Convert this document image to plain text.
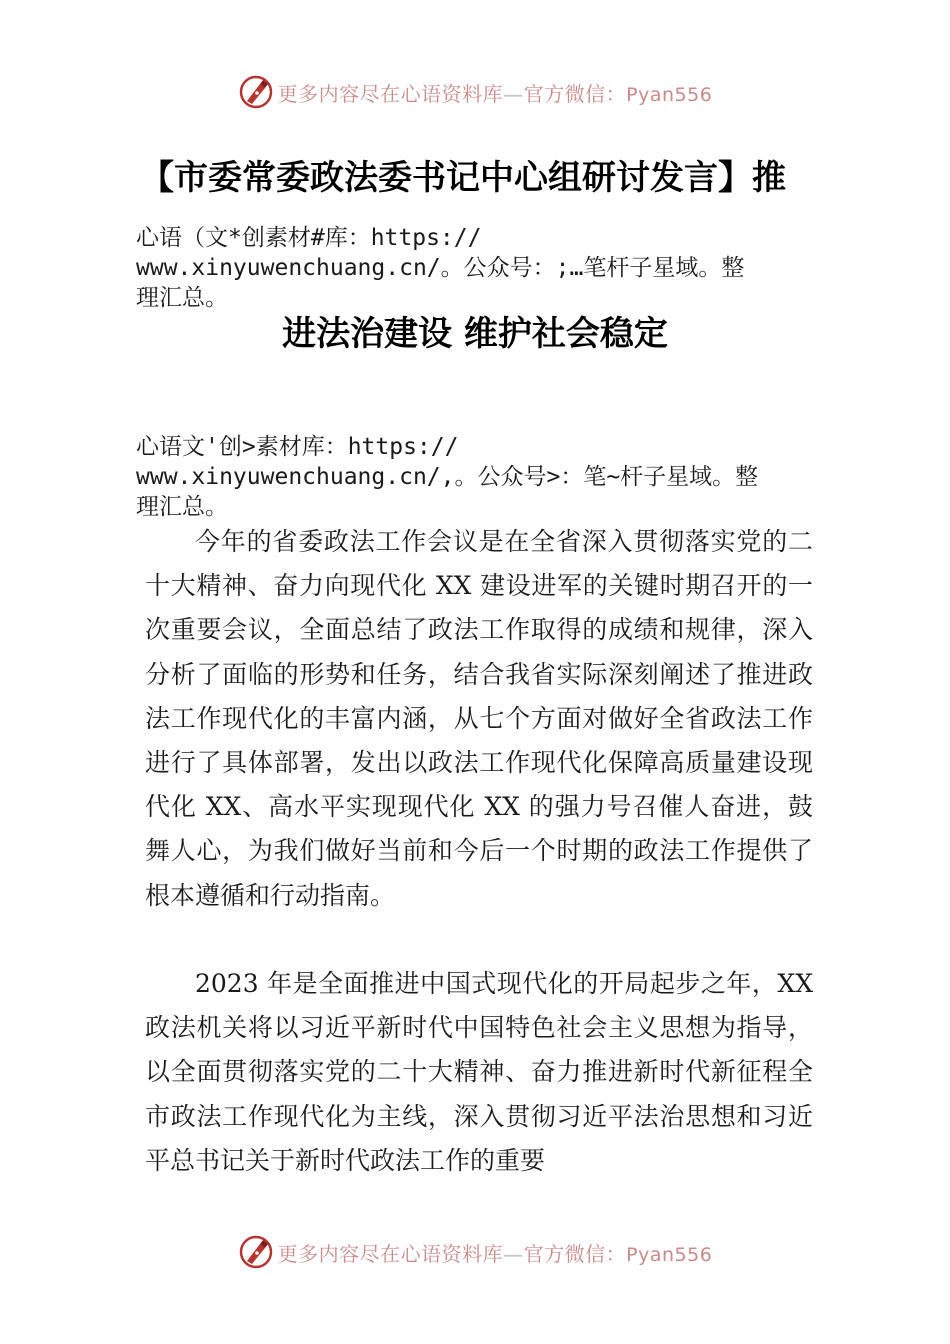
更多内容尽在心语资料库—官方微信：Pyan556
【市委常委政法委书记中心组研讨发言】推

心语（文*创素材#库：https://
www.xinyuwenchuang.cn/。公众号：;…笔杆子星域。整
理汇总。

进法治建设 维护社会稳定

心语文'创>素材库：https://
www.xinyuwenchuang.cn/,。公众号>：笔~杆子星域。整
理汇总。

今年的省委政法工作会议是在全省深入贯彻落实党的二十大精神、奋力向现代化 XX 建设进军的关键时期召开的一次重要会议，全面总结了政法工作取得的成绩和规律，深入分析了面临的形势和任务，结合我省实际深刻阐述了推进政法工作现代化的丰富内涵，从七个方面对做好全省政法工作进行了具体部署，发出以政法工作现代化保障高质量建设现代化 XX、高水平实现现代化 XX 的强力号召催人奋进，鼓舞人心，为我们做好当前和今后一个时期的政法工作提供了根本遵循和行动指南。

2023 年是全面推进中国式现代化的开局起步之年，XX 政法机关将以习近平新时代中国特色社会主义思想为指导，以全面贯彻落实党的二十大精神、奋力推进新时代新征程全市政法工作现代化为主线，深入贯彻习近平法治思想和习近平总书记关于新时代政法工作的重要

更多内容尽在心语资料库—官方微信：Pyan556
